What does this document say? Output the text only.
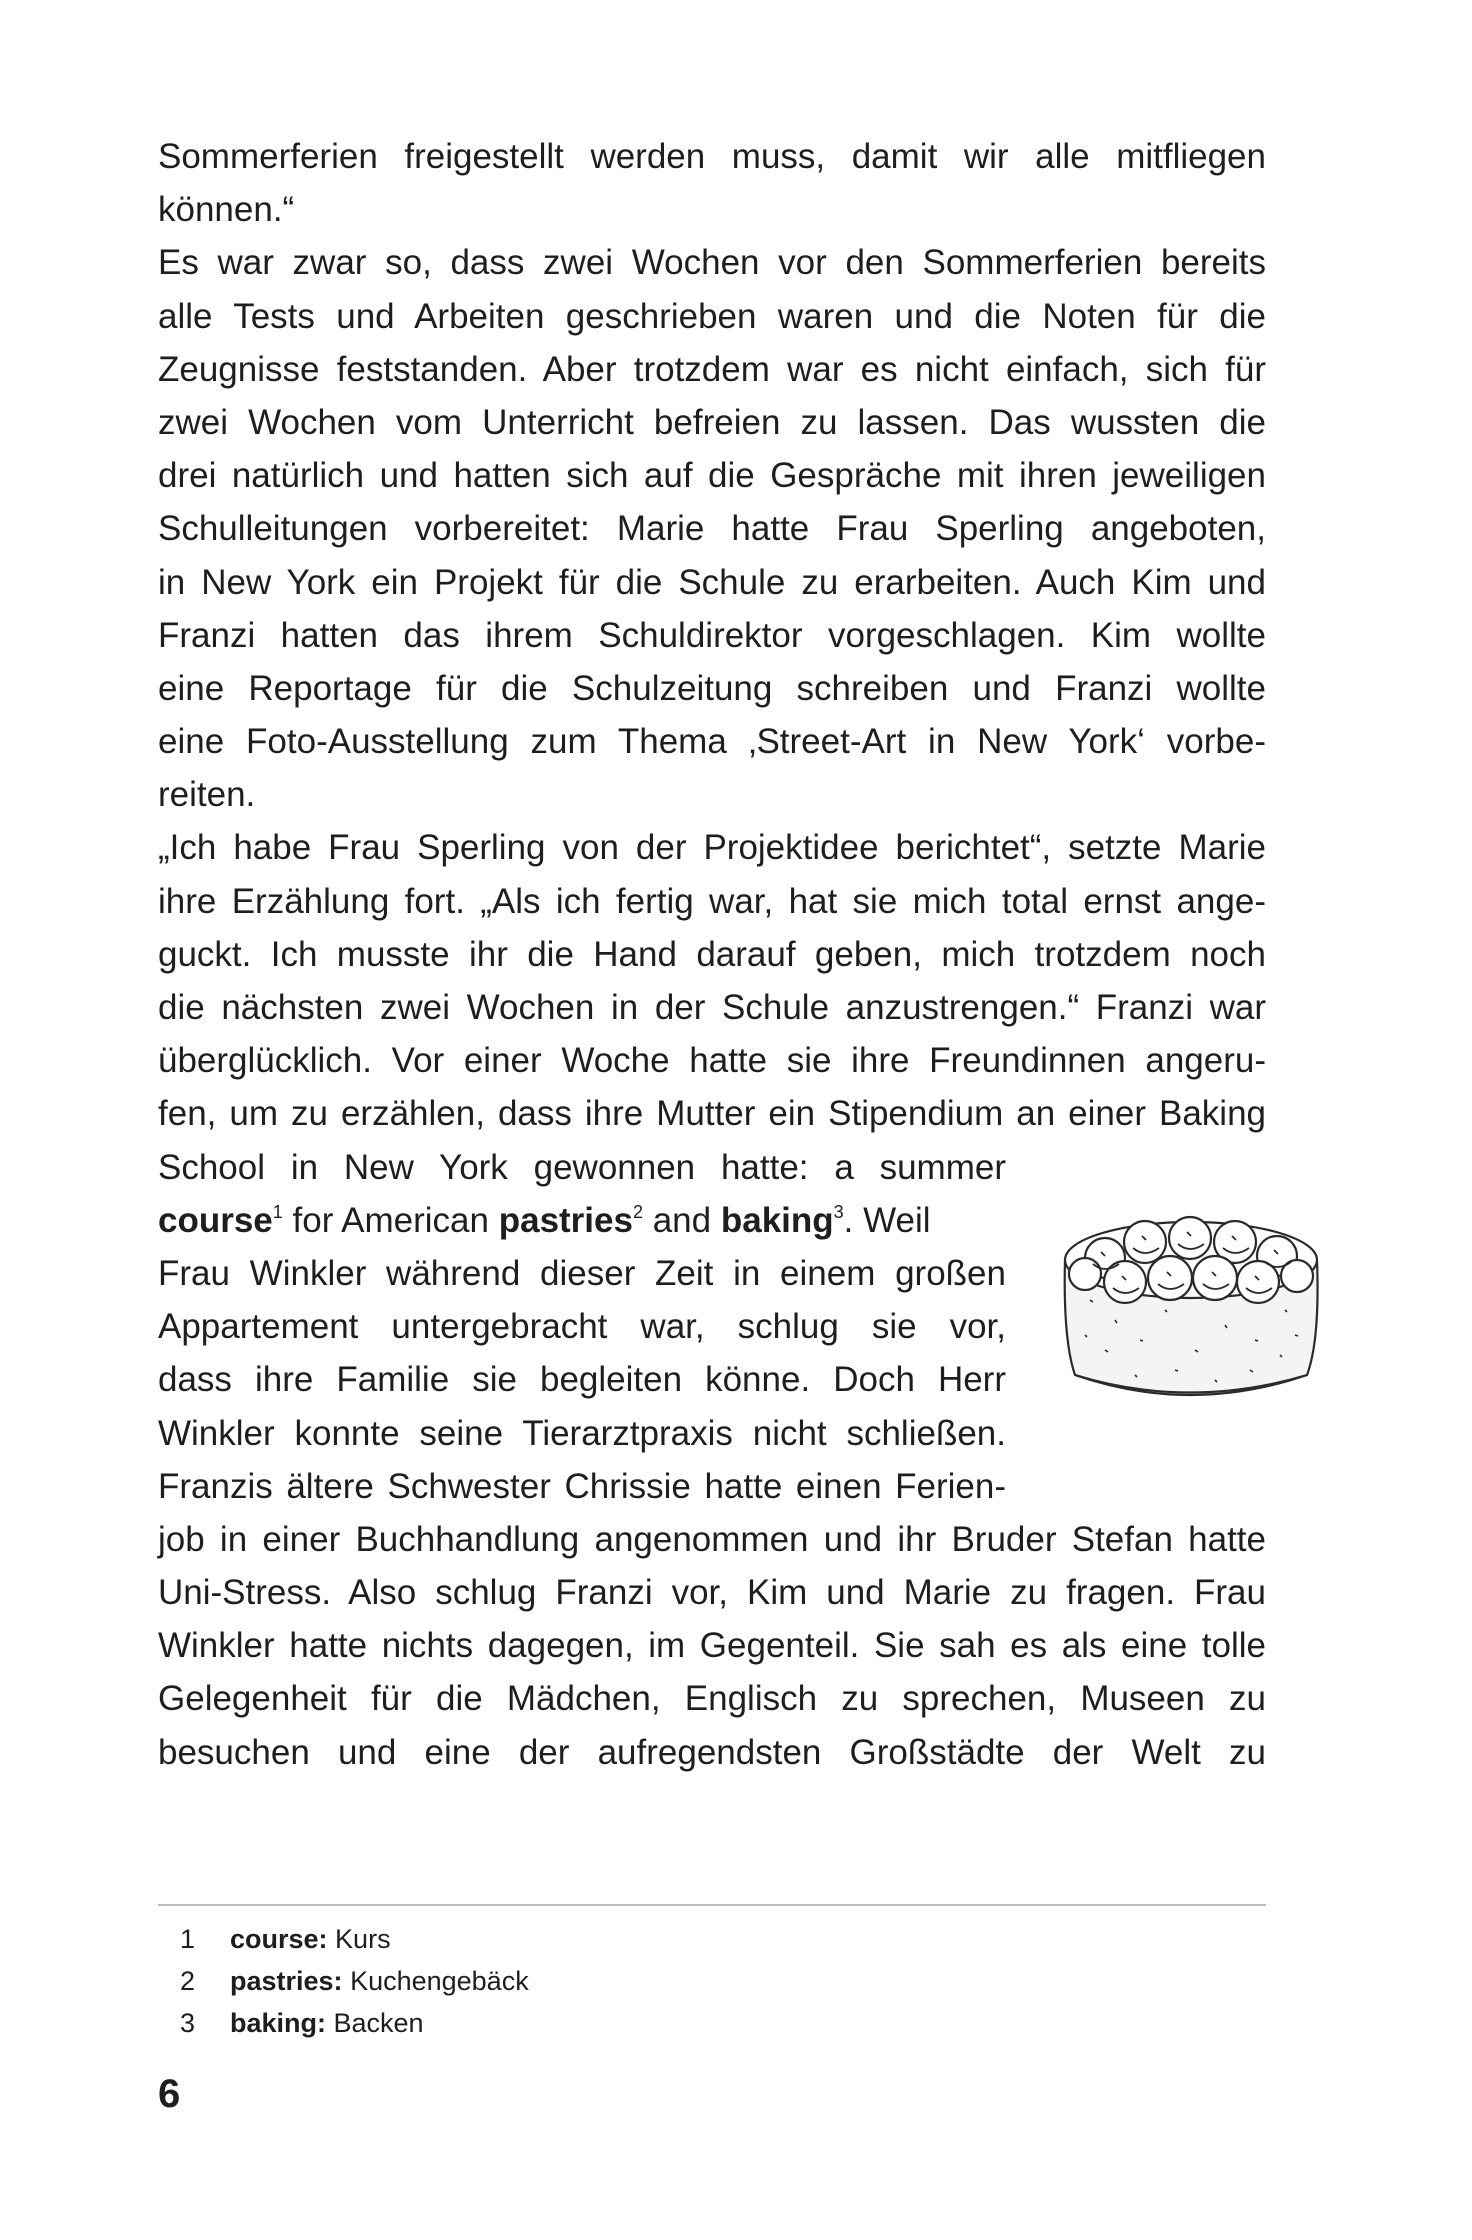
Sommerferien freigestellt werden muss, damit wir alle mitfliegen
können.“
Es war zwar so, dass zwei Wochen vor den Sommerferien bereits
alle Tests und Arbeiten geschrieben waren und die Noten für die
Zeugnisse feststanden. Aber trotzdem war es nicht einfach, sich für
zwei Wochen vom Unterricht befreien zu lassen. Das wussten die
drei natürlich und hatten sich auf die Gespräche mit ihren jeweiligen
Schulleitungen vorbereitet: Marie hatte Frau Sperling angeboten,
in New York ein Projekt für die Schule zu erarbeiten. Auch Kim und
Franzi hatten das ihrem Schuldirektor vorgeschlagen. Kim wollte
eine Reportage für die Schulzeitung schreiben und Franzi wollte
eine Foto-Ausstellung zum Thema ‚Street-Art in New York‘ vorbe-
reiten.
„Ich habe Frau Sperling von der Projektidee berichtet“, setzte Marie
ihre Erzählung fort. „Als ich fertig war, hat sie mich total ernst ange-
guckt. Ich musste ihr die Hand darauf geben, mich trotzdem noch
die nächsten zwei Wochen in der Schule anzustrengen.“ Franzi war
überglücklich. Vor einer Woche hatte sie ihre Freundinnen angeru-
fen, um zu erzählen, dass ihre Mutter ein Stipendium an einer Baking
School in New York gewonnen hatte: a summer
course$^1$ for American pastries$^2$ and baking$^3$. Weil
Frau Winkler während dieser Zeit in einem großen
Appartement untergebracht war, schlug sie vor,
dass ihre Familie sie begleiten könne. Doch Herr
Winkler konnte seine Tierarztpraxis nicht schließen.
Franzis ältere Schwester Chrissie hatte einen Ferien-
job in einer Buchhandlung angenommen und ihr Bruder Stefan hatte
Uni-Stress. Also schlug Franzi vor, Kim und Marie zu fragen. Frau
Winkler hatte nichts dagegen, im Gegenteil. Sie sah es als eine tolle
Gelegenheit für die Mädchen, Englisch zu sprechen, Museen zu
besuchen und eine der aufregendsten Großstädte der Welt zu
1 course: Kurs
2 pastries: Kuchengebäck
3 baking: Backen
6
